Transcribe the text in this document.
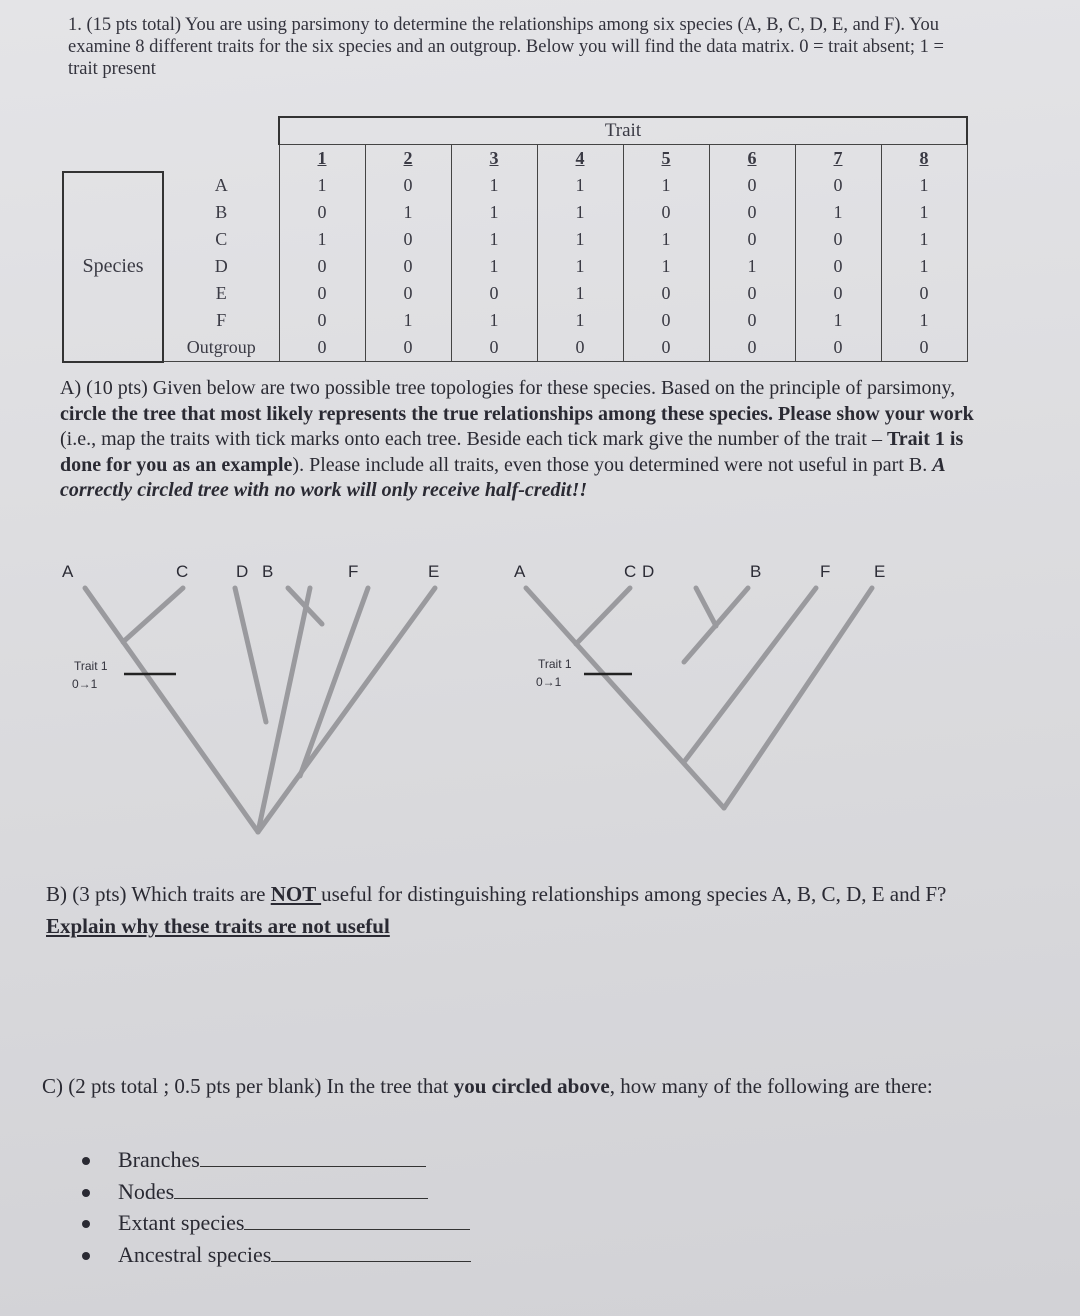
1. (15 pts total) You are using parsimony to determine the relationships among six species (A, B, C, D, E, and F). You examine 8 different traits for the six species and an outgroup. Below you will find the data matrix. 0 = trait absent; 1 = trait present
		Trait							
		1	2	3	4	5	6	7	8
Species	A	1	0	1	1	1	0	0	1
	B	0	1	1	1	0	0	1	1
	C	1	0	1	1	1	0	0	1
	D	0	0	1	1	1	1	0	1
	E	0	0	0	1	0	0	0	0
	F	0	1	1	1	0	0	1	1
	Outgroup	0	0	0	0	0	0	0	0
A) (10 pts) Given below are two possible tree topologies for these species. Based on the principle of parsimony, circle the tree that most likely represents the true relationships among these species. Please show your work (i.e., map the traits with tick marks onto each tree. Beside each tick mark give the number of the trait – Trait 1 is done for you as an example). Please include all traits, even those you determined were not useful in part B. A correctly circled tree with no work will only receive half-credit!!
A	C	D B	F	E
Trait 1
0→1
A	C D	B	F	E
Trait 1
0→1
B) (3 pts) Which traits are NOT useful for distinguishing relationships among species A, B, C, D, E and F? Explain why these traits are not useful
C) (2 pts total ; 0.5 pts per blank) In the tree that you circled above, how many of the following are there:
Branches
Nodes
Extant species
Ancestral species
